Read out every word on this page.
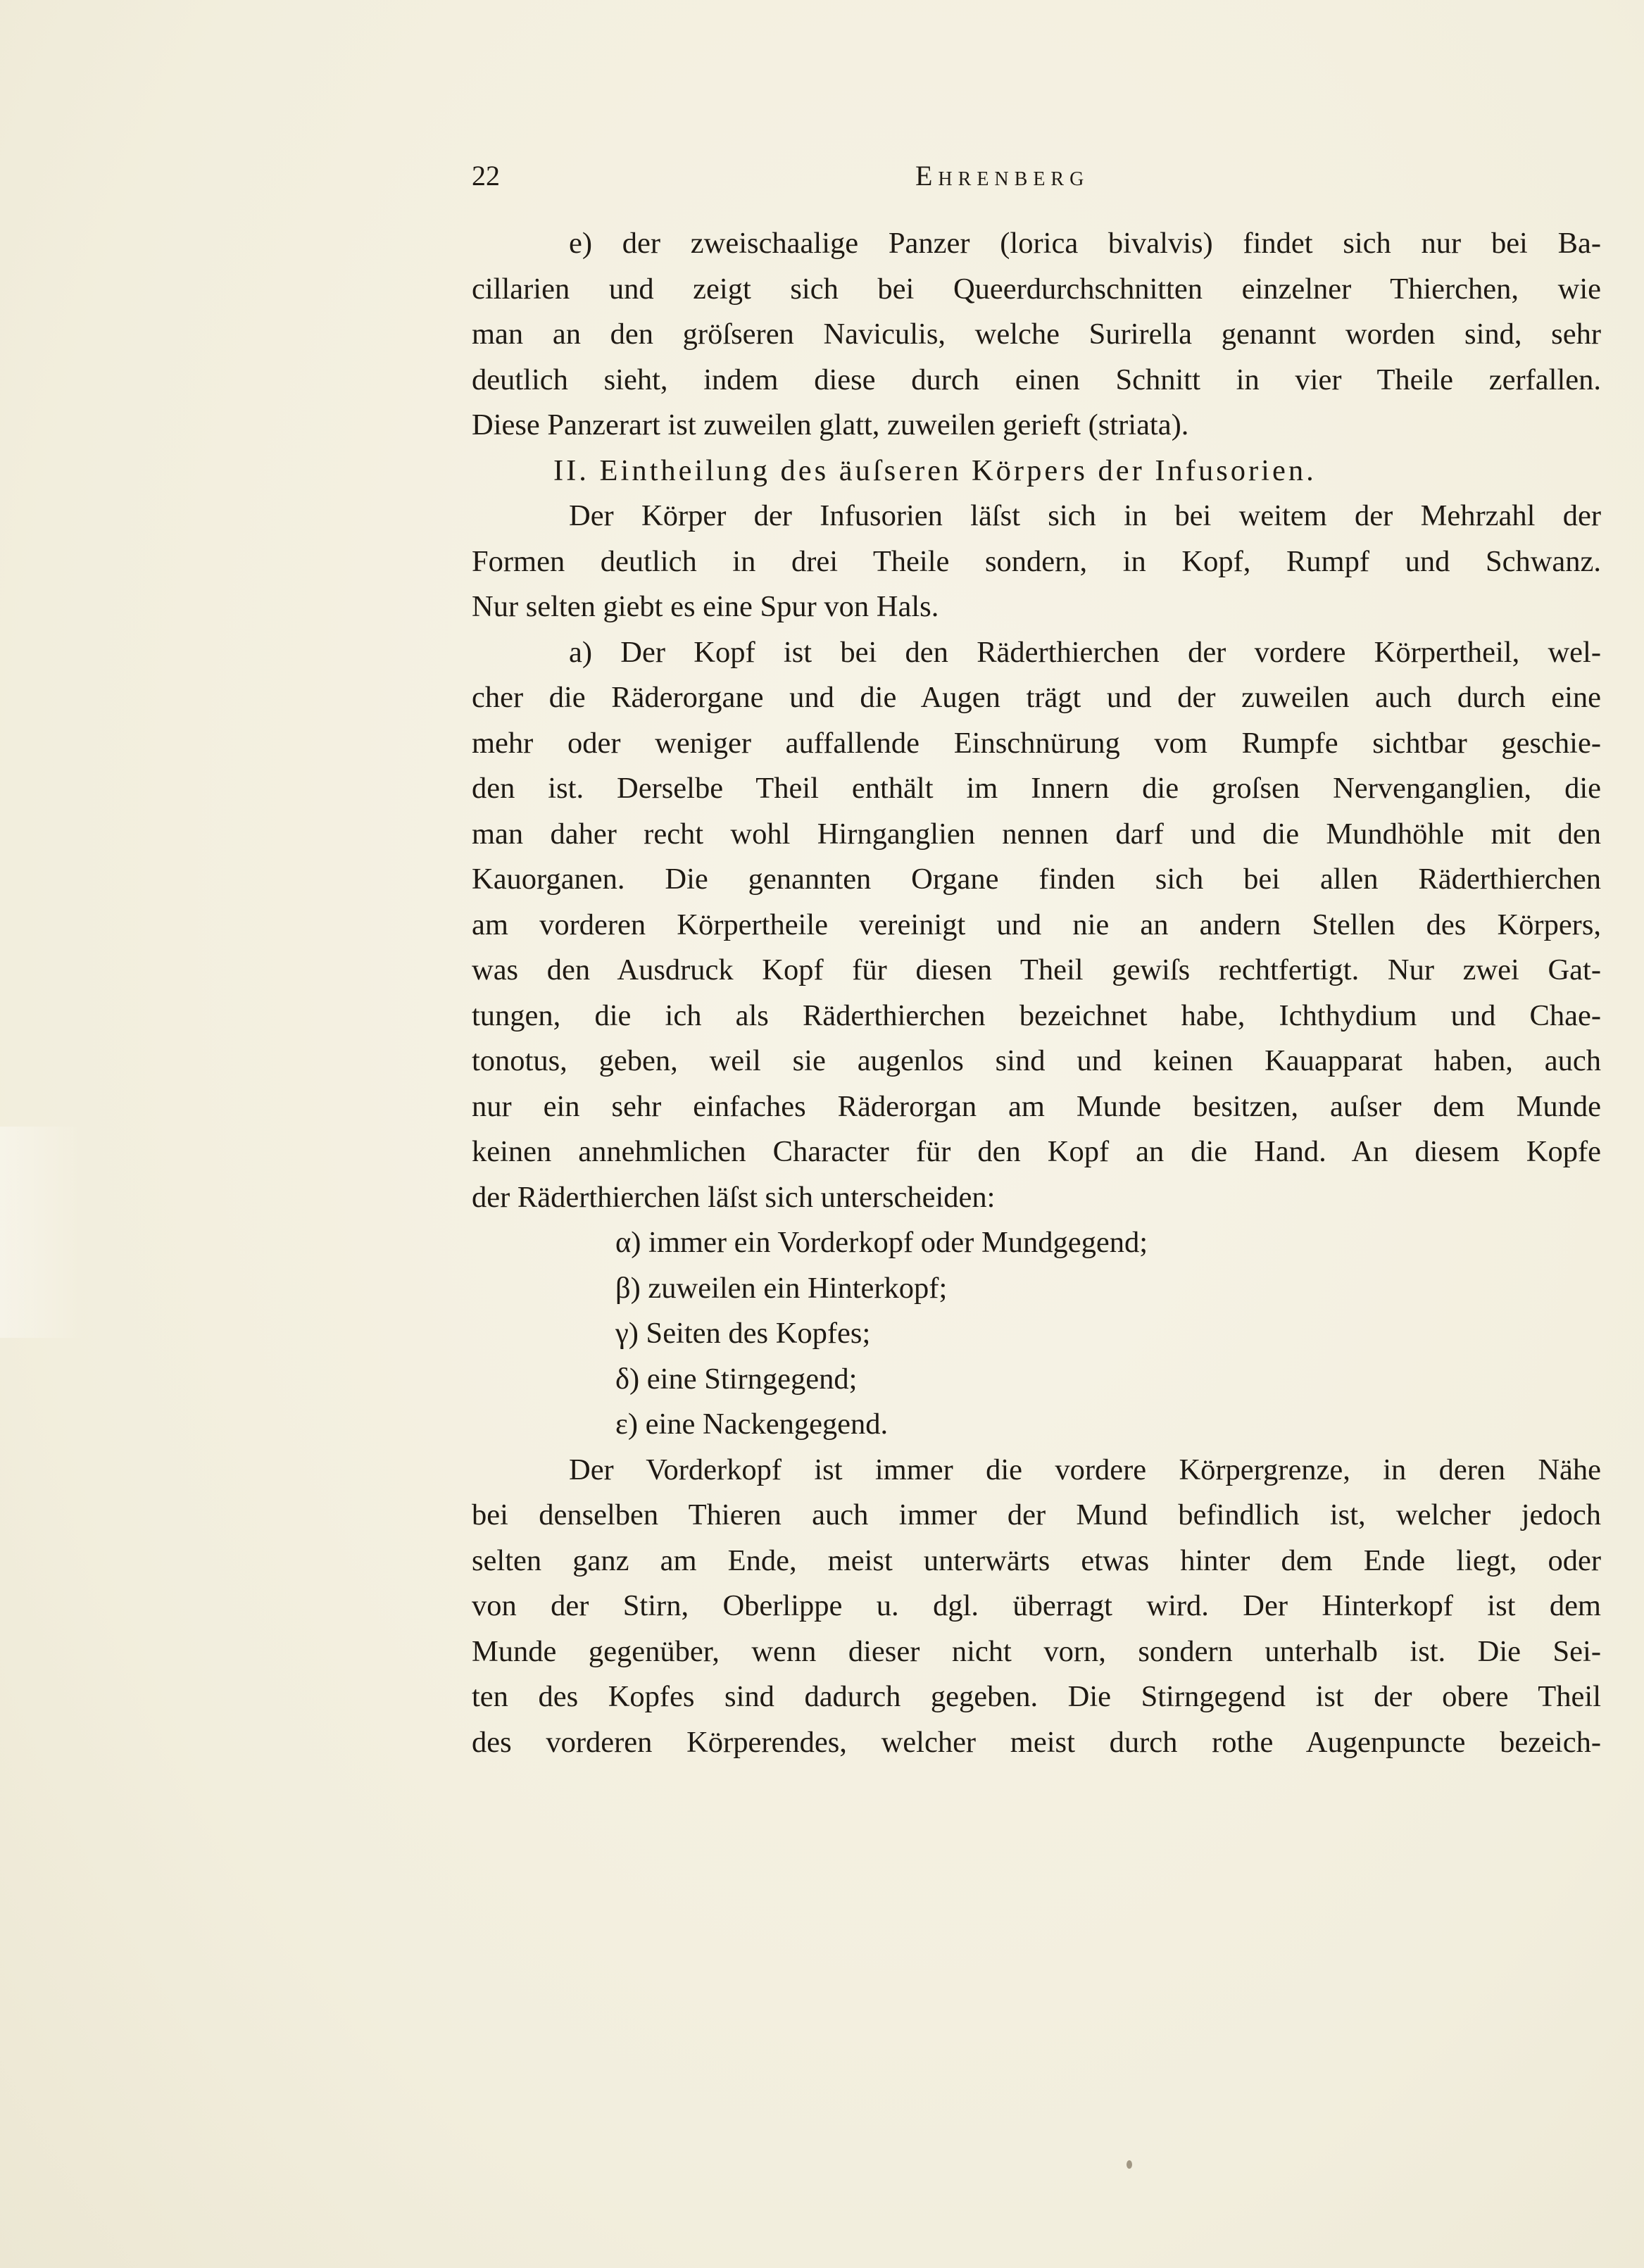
22	Ehrenberg
e) der zweischaalige Panzer (lorica bivalvis) findet sich nur bei Ba-
cillarien und zeigt sich bei Queerdurchschnitten einzelner Thierchen, wie
man an den gröſseren Naviculis, welche Surirella genannt worden sind, sehr
deutlich sieht, indem diese durch einen Schnitt in vier Theile zerfallen.
Diese Panzerart ist zuweilen glatt, zuweilen gerieft (striata).
II. Eintheilung des äuſseren Körpers der Infusorien.
Der Körper der Infusorien läſst sich in bei weitem der Mehrzahl der
Formen deutlich in drei Theile sondern, in Kopf, Rumpf und Schwanz.
Nur selten giebt es eine Spur von Hals.
a) Der Kopf ist bei den Räderthierchen der vordere Körpertheil, wel-
cher die Räderorgane und die Augen trägt und der zuweilen auch durch eine
mehr oder weniger auffallende Einschnürung vom Rumpfe sichtbar geschie-
den ist. Derselbe Theil enthält im Innern die groſsen Nervenganglien, die
man daher recht wohl Hirnganglien nennen darf und die Mundhöhle mit den
Kauorganen. Die genannten Organe finden sich bei allen Räderthierchen
am vorderen Körpertheile vereinigt und nie an andern Stellen des Körpers,
was den Ausdruck Kopf für diesen Theil gewiſs rechtfertigt. Nur zwei Gat-
tungen, die ich als Räderthierchen bezeichnet habe, Ichthydium und Chae-
tonotus, geben, weil sie augenlos sind und keinen Kauapparat haben, auch
nur ein sehr einfaches Räderorgan am Munde besitzen, auſser dem Munde
keinen annehmlichen Character für den Kopf an die Hand. An diesem Kopfe
der Räderthierchen läſst sich unterscheiden:
α) immer ein Vorderkopf oder Mundgegend;
β) zuweilen ein Hinterkopf;
γ) Seiten des Kopfes;
δ) eine Stirngegend;
ε) eine Nackengegend.
Der Vorderkopf ist immer die vordere Körpergrenze, in deren Nähe
bei denselben Thieren auch immer der Mund befindlich ist, welcher jedoch
selten ganz am Ende, meist unterwärts etwas hinter dem Ende liegt, oder
von der Stirn, Oberlippe u. dgl. überragt wird. Der Hinterkopf ist dem
Munde gegenüber, wenn dieser nicht vorn, sondern unterhalb ist. Die Sei-
ten des Kopfes sind dadurch gegeben. Die Stirngegend ist der obere Theil
des vorderen Körperendes, welcher meist durch rothe Augenpuncte bezeich-
